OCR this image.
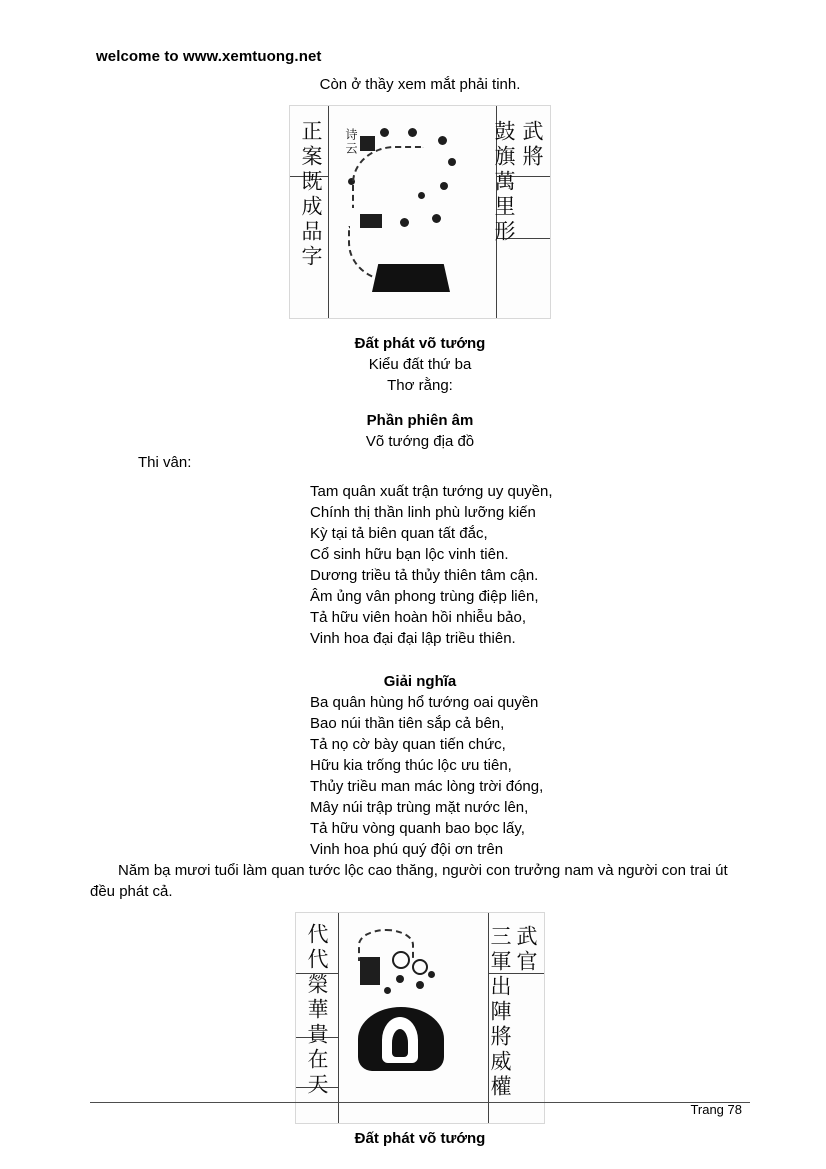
welcome to www.xemtuong.net
Còn ở thầy xem mắt phải tinh.
武將
鼓旗萬里形
正案既成品字	诗云
Đất phát võ tướng
Kiểu đất thứ ba
Thơ rằng:
Phần phiên âm
Võ tướng địa đồ
Thi vân:
Tam quân xuất trận tướng uy quyền,
Chính thị thần linh phù lưỡng kiến
Kỳ tại tả biên quan tất đắc,
Cổ sinh hữu bạn lộc vinh tiên.
Dương triều tả thủy thiên tâm cận.
Âm ủng vân phong trùng điệp liên,
Tả hữu viên hoàn hồi nhiễu bảo,
Vinh hoa đại đại lập triều thiên.
Giải nghĩa
Ba quân hùng hổ tướng oai quyền
Bao núi thần tiên sắp cả bên,
Tả nọ cờ bày quan tiến chức,
Hữu kia trống thúc lộc ưu tiên,
Thủy triều man mác lòng trời đóng,
Mây núi trập trùng mặt nước lên,
Tả hữu vòng quanh bao bọc lấy,
Vinh hoa phú quý đội ơn trên
Năm bạ mươi tuổi làm quan tước lộc cao thăng, người con trưởng nam và người con trai út đều phát cả.
武官
三軍出陣將威權
代代榮華貴在天
Đất phát võ tướng
Trang 78
